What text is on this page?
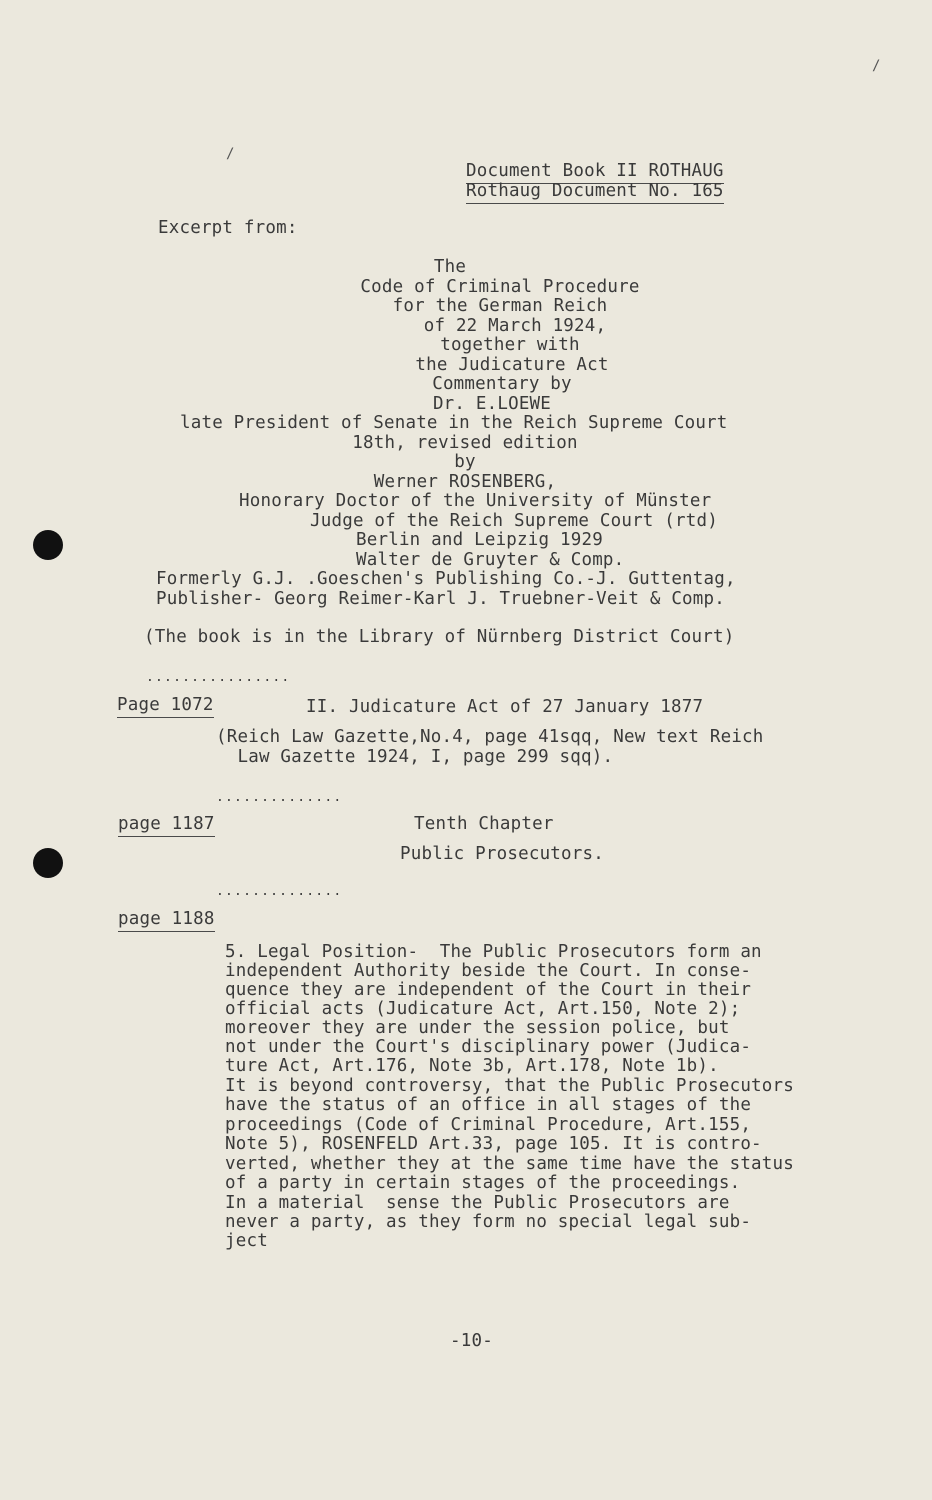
/
/
Document Book II ROTHAUG
Rothaug Document No. 165
Excerpt from:
The
Code of Criminal Procedure
for the German Reich
of 22 March 1924,
together with
the Judicature Act
Commentary by
Dr. E.LOEWE
late President of Senate in the Reich Supreme Court
18th, revised edition
by
Werner ROSENBERG,
Honorary Doctor of the University of Münster
Judge of the Reich Supreme Court (rtd)
Berlin and Leipzig 1929
Walter de Gruyter & Comp.
Formerly G.J. .Goeschen's Publishing Co.-J. Guttentag,
Publisher- Georg Reimer-Karl J. Truebner-Veit & Comp.
(The book is in the Library of Nürnberg District Court)
................
Page 1072	II. Judicature Act of 27 January 1877
(Reich Law Gazette,No.4, page 41sqq, New text Reich
Law Gazette 1924, I, page 299 sqq).
..............
page 1187	Tenth Chapter
Public Prosecutors.
..............
page 1188
5. Legal Position-  The Public Prosecutors form an
independent Authority beside the Court. In conse-
quence they are independent of the Court in their
official acts (Judicature Act, Art.150, Note 2);
moreover they are under the session police, but
not under the Court's disciplinary power (Judica-
ture Act, Art.176, Note 3b, Art.178, Note 1b).
It is beyond controversy, that the Public Prosecutors
have the status of an office in all stages of the
proceedings (Code of Criminal Procedure, Art.155,
Note 5), ROSENFELD Art.33, page 105. It is contro-
verted, whether they at the same time have the status
of a party in certain stages of the proceedings.
In a material  sense the Public Prosecutors are
never a party, as they form no special legal sub-
ject
-10-
